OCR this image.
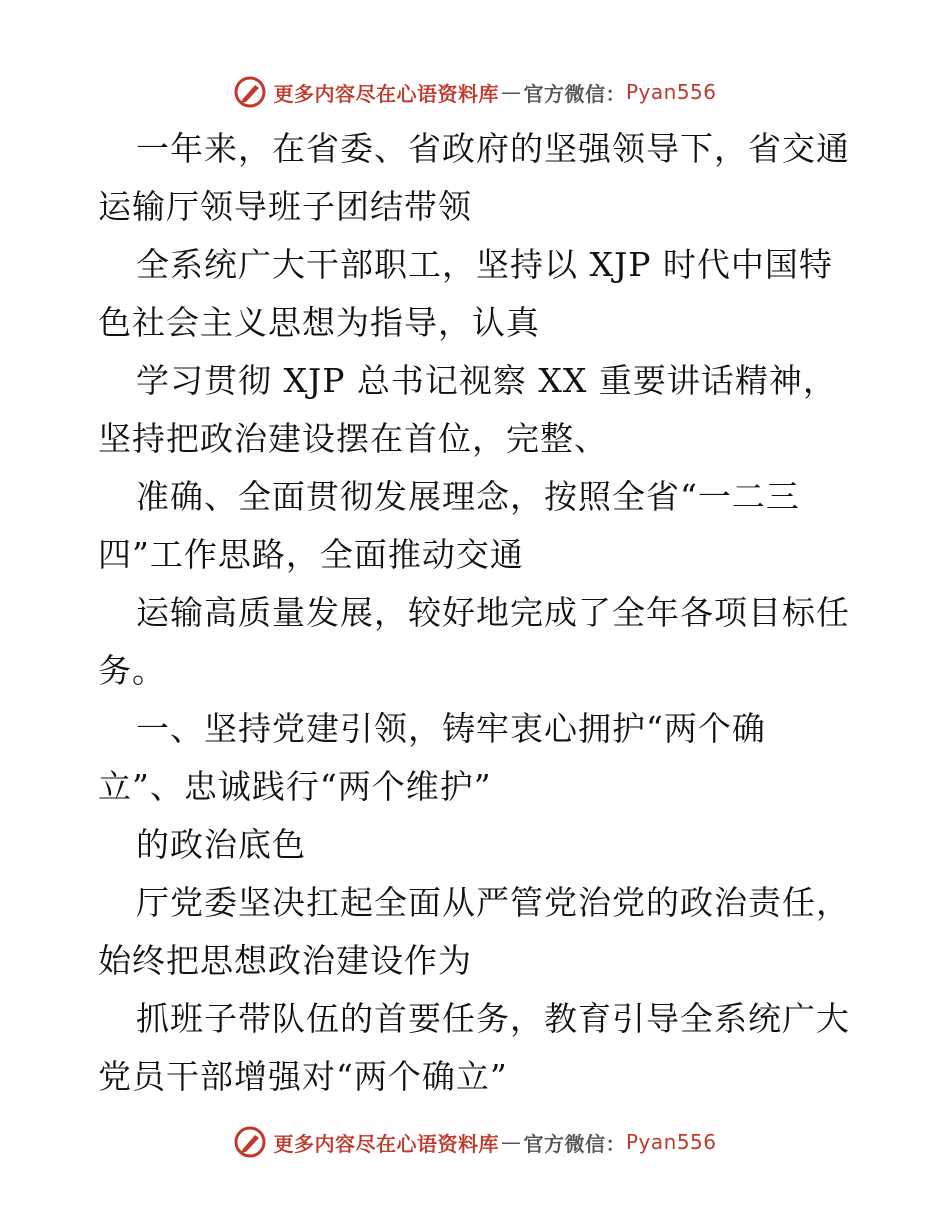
更多内容尽在心语资料库 — 官方微信： Pyan556
一年来，在省委、省政府的坚强领导下，省交通
运输厅领导班子团结带领
全系统广大干部职工，坚持以 XJP 时代中国特
色社会主义思想为指导，认真
学习贯彻 XJP 总书记视察 XX 重要讲话精神，
坚持把政治建设摆在首位，完整、
准确、全面贯彻发展理念，按照全省“一二三
四”工作思路，全面推动交通
运输高质量发展，较好地完成了全年各项目标任
务。
一、坚持党建引领，铸牢衷心拥护“两个确
立”、忠诚践行“两个维护”
的政治底色
厅党委坚决扛起全面从严管党治党的政治责任，
始终把思想政治建设作为
抓班子带队伍的首要任务，教育引导全系统广大
党员干部增强对“两个确立”
更多内容尽在心语资料库 — 官方微信： Pyan556
